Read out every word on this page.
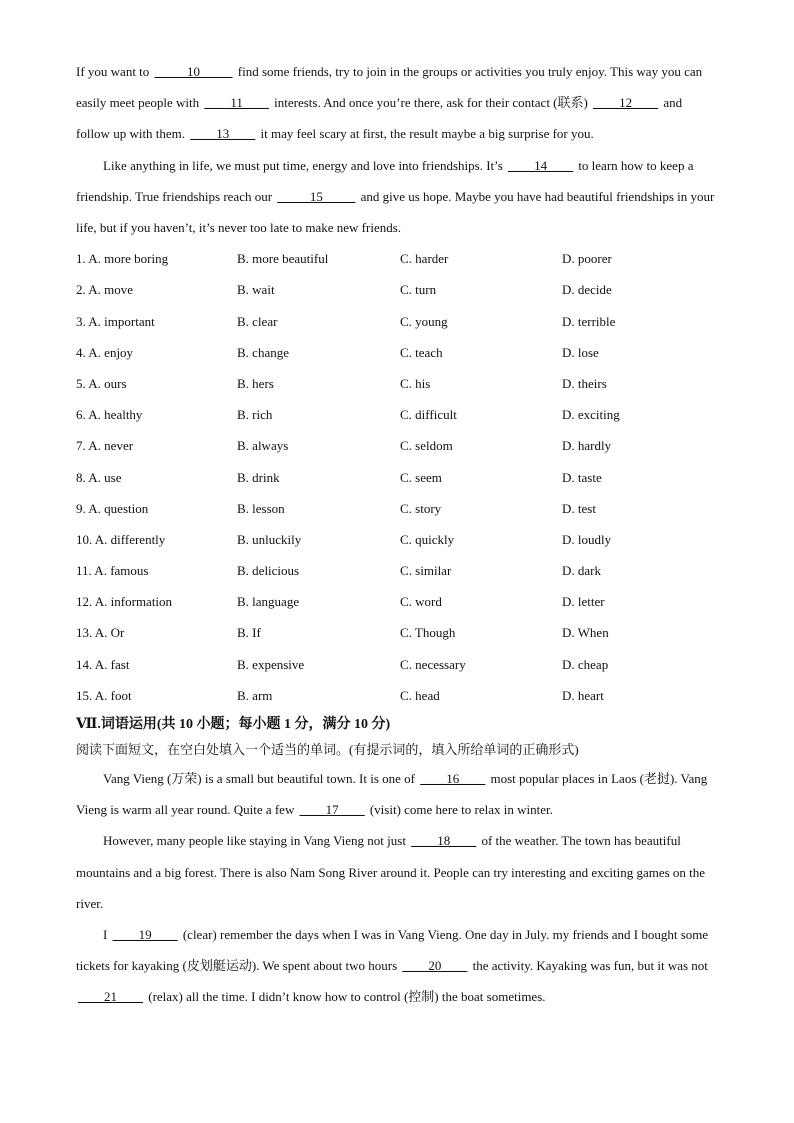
If you want to _____10_____ find some friends, try to join in the groups or activities you truly enjoy. This way you can easily meet people with ____11____ interests. And once you’re there, ask for their contact (联系) ____12____ and follow up with them. ____13____ it may feel scary at first, the result maybe a big surprise for you.

Like anything in life, we must put time, energy and love into friendships. It’s ____14____ to learn how to keep a friendship. True friendships reach our _____15_____ and give us hope. Maybe you have had beautiful friendships in your life, but if you haven’t, it’s never too late to make new friends.

1. A. more boring	B. more beautiful	C. harder	D. poorer
2. A. move	B. wait	C. turn	D. decide
3. A. important	B. clear	C. young	D. terrible
4. A. enjoy	B. change	C. teach	D. lose
5. A. ours	B. hers	C. his	D. theirs
6. A. healthy	B. rich	C. difficult	D. exciting
7. A. never	B. always	C. seldom	D. hardly
8. A. use	B. drink	C. seem	D. taste
9. A. question	B. lesson	C. story	D. test
10. A. differently	B. unluckily	C. quickly	D. loudly
11. A. famous	B. delicious	C. similar	D. dark
12. A. information	B. language	C. word	D. letter
13. A. Or	B. If	C. Though	D. When
14. A. fast	B. expensive	C. necessary	D. cheap
15. A. foot	B. arm	C. head	D. heart
Ⅶ.词语运用(共 10 小题；每小题 1 分，满分 10 分)
阅读下面短文，在空白处填入一个适当的单词。(有提示词的，填入所给单词的正确形式)

Vang Vieng (万荣) is a small but beautiful town. It is one of ____16____ most popular places in Laos (老挝). Vang Vieng is warm all year round. Quite a few ____17____ (visit) come here to relax in winter.

However, many people like staying in Vang Vieng not just ____18____ of the weather. The town has beautiful mountains and a big forest. There is also Nam Song River around it. People can try interesting and exciting games on the river.

I ____19____ (clear) remember the days when I was in Vang Vieng. One day in July. my friends and I bought some tickets for kayaking (皮划艇运动). We spent about two hours ____20____ the activity. Kayaking was fun, but it was not ____21____ (relax) all the time. I didn’t know how to control (控制) the boat sometimes.
